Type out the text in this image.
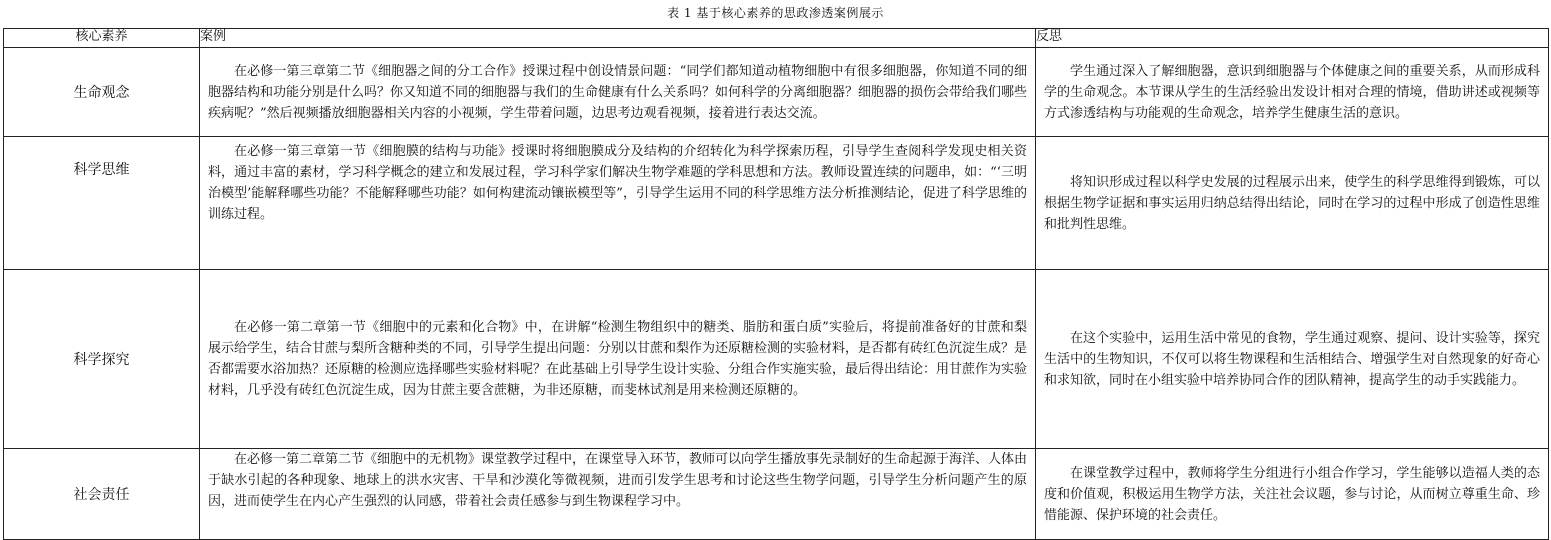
表 1 基于核心素养的思政渗透案例展示
核心素养	案例	反思
生命观念	在必修一第三章第二节《细胞器之间的分工合作》授课过程中创设情景问题：“同学们都知道动植物细胞中有很多细胞器，你知道不同的细胞器结构和功能分别是什么吗？你又知道不同的细胞器与我们的生命健康有什么关系吗？如何科学的分离细胞器？细胞器的损伤会带给我们哪些疾病呢？”然后视频播放细胞器相关内容的小视频，学生带着问题，边思考边观看视频，接着进行表达交流。	学生通过深入了解细胞器，意识到细胞器与个体健康之间的重要关系，从而形成科学的生命观念。本节课从学生的生活经验出发设计相对合理的情境，借助讲述或视频等方式渗透结构与功能观的生命观念，培养学生健康生活的意识。

科学思维	在必修一第三章第一节《细胞膜的结构与功能》授课时将细胞膜成分及结构的介绍转化为科学探索历程，引导学生查阅科学发现史相关资料，通过丰富的素材，学习科学概念的建立和发展过程，学习科学家们解决生物学难题的学科思想和方法。教师设置连续的问题串，如：“‘三明治模型’能解释哪些功能？不能解释哪些功能？如何构建流动镶嵌模型等”，引导学生运用不同的科学思维方法分析推测结论，促进了科学思维的训练过程。	将知识形成过程以科学史发展的过程展示出来，使学生的科学思维得到锻炼，可以根据生物学证据和事实运用归纳总结得出结论，同时在学习的过程中形成了创造性思维和批判性思维。

科学探究	在必修一第二章第一节《细胞中的元素和化合物》中，在讲解“检测生物组织中的糖类、脂肪和蛋白质”实验后，将提前准备好的甘蔗和梨展示给学生，结合甘蔗与梨所含糖种类的不同，引导学生提出问题：分别以甘蔗和梨作为还原糖检测的实验材料，是否都有砖红色沉淀生成？是否都需要水浴加热？还原糖的检测应选择哪些实验材料呢？在此基础上引导学生设计实验、分组合作实施实验，最后得出结论：用甘蔗作为实验材料，几乎没有砖红色沉淀生成，因为甘蔗主要含蔗糖，为非还原糖，而斐林试剂是用来检测还原糖的。	在这个实验中，运用生活中常见的食物，学生通过观察、提问、设计实验等，探究生活中的生物知识，不仅可以将生物课程和生活相结合、增强学生对自然现象的好奇心和求知欲，同时在小组实验中培养协同合作的团队精神，提高学生的动手实践能力。

社会责任	在必修一第二章第二节《细胞中的无机物》课堂教学过程中，在课堂导入环节，教师可以向学生播放事先录制好的生命起源于海洋、人体由于缺水引起的各种现象、地球上的洪水灾害、干旱和沙漠化等微视频，进而引发学生思考和讨论这些生物学问题，引导学生分析问题产生的原因，进而使学生在内心产生强烈的认同感，带着社会责任感参与到生物课程学习中。	在课堂教学过程中，教师将学生分组进行小组合作学习，学生能够以造福人类的态度和价值观，积极运用生物学方法，关注社会议题，参与讨论，从而树立尊重生命、珍惜能源、保护环境的社会责任。
